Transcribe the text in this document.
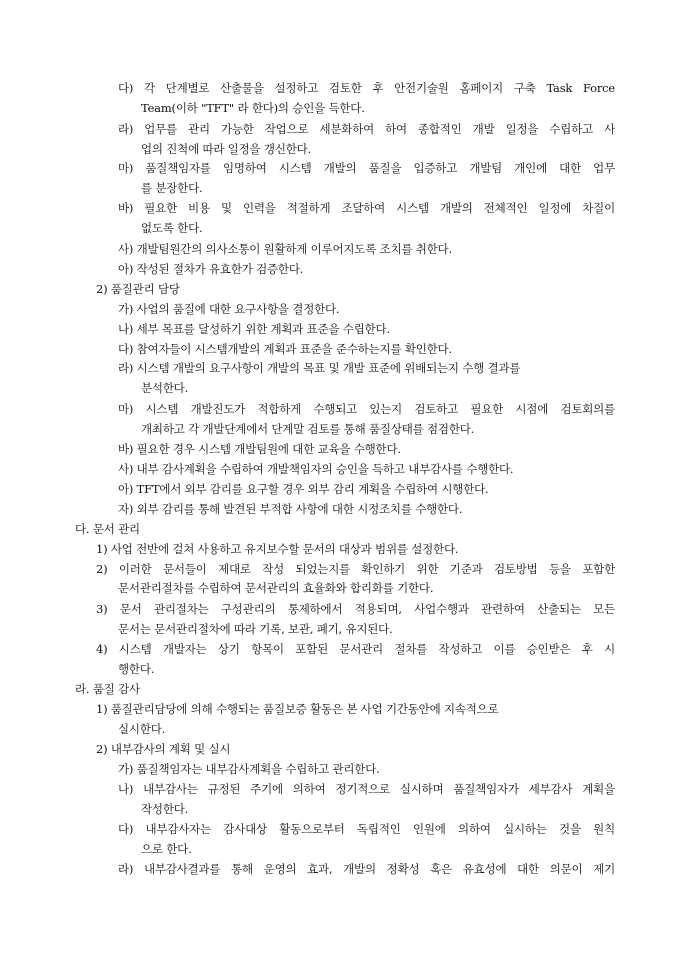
다) 각 단계별로 산출물을 설정하고 검토한 후 안전기술원 홈페이지 구축 Task Force
Team(이하 "TFT" 라 한다)의 승인을 득한다.
라) 업무를 관리 가능한 작업으로 세분화하여 하여 종합적인 개발 일정을 수립하고 사
업의 진척에 따라 일정을 갱신한다.
마) 품질책임자를 임명하여 시스템 개발의 품질을 입증하고 개발팀 개인에 대한 업무
를 분장한다.
바) 필요한 비용 및 인력을 적절하게 조달하여 시스템 개발의 전체적인 일정에 차질이
없도록 한다.
사) 개발팀원간의 의사소통이 원활하게 이루어지도록 조치를 취한다.
아) 작성된 절차가 유효한가 검증한다.
2) 품질관리 담당
가) 사업의 품질에 대한 요구사항을 결정한다.
나) 세부 목표를 달성하기 위한 계획과 표준을 수립한다.
다) 참여자들이 시스템개발의 계획과 표준을 준수하는지를 확인한다.
라) 시스템 개발의 요구사항이 개발의 목표 및 개발 표준에 위배되는지 수행 결과를
분석한다.
마) 시스템 개발진도가 적합하게 수행되고 있는지 검토하고 필요한 시점에 검토회의를
개최하고 각 개발단계에서 단계말 검토를 통해 품질상태를 점검한다.
바) 필요한 경우 시스템 개발팀원에 대한 교육을 수행한다.
사) 내부 감사계획을 수립하여 개발책임자의 승인을 득하고 내부감사를 수행한다.
아) TFT에서 외부 감리를 요구할 경우 외부 감리 계획을 수립하여 시행한다.
자) 외부 감리를 통해 발견된 부적합 사항에 대한 시정조치를 수행한다.
다. 문서 관리
1) 사업 전반에 걸쳐 사용하고 유지보수할 문서의 대상과 범위를 설정한다.
2) 이러한 문서들이 제대로 작성 되었는지를 확인하기 위한 기준과 검토방법 등을 포함한
문서관리절차를 수립하여 문서관리의 효율화와 합리화를 기한다.
3) 문서 관리절차는 구성관리의 통제하에서 적용되며, 사업수행과 관련하여 산출되는 모든
문서는 문서관리절차에 따라 기록, 보관, 폐기, 유지된다.
4) 시스템 개발자는 상기 항목이 포함된 문서관리 절차를 작성하고 이를 승인받은 후 시
행한다.
라. 품질 감사
1) 품질관리담당에 의해 수행되는 품질보증 활동은 본 사업 기간동안에 지속적으로
실시한다.
2) 내부감사의 계획 및 실시
가) 품질책임자는 내부감사계획을 수립하고 관리한다.
나) 내부감사는 규정된 주기에 의하여 정기적으로 실시하며 품질책임자가 세부감사 계획을
작성한다.
다) 내부감사자는 감사대상 활동으로부터 독립적인 인원에 의하여 실시하는 것을 원칙
으로 한다.
라) 내부감사결과를 통해 운영의 효과, 개발의 정확성 혹은 유효성에 대한 의문이 제기
